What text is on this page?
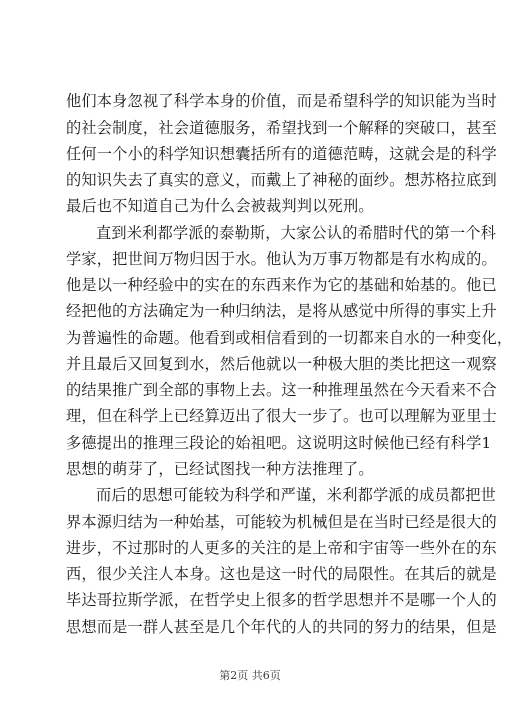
他们本身忽视了科学本身的价值，而是希望科学的知识能为当时
的社会制度，社会道德服务，希望找到一个解释的突破口，甚至
任何一个小的科学知识想囊括所有的道德范畴，这就会是的科学
的知识失去了真实的意义，而戴上了神秘的面纱。想苏格拉底到
最后也不知道自己为什么会被裁判判以死刑。
直到米利都学派的泰勒斯，大家公认的希腊时代的第一个科
学家，把世间万物归因于水。他认为万事万物都是有水构成的。
他是以一种经验中的实在的东西来作为它的基础和始基的。他已
经把他的方法确定为一种归纳法，是将从感觉中所得的事实上升
为普遍性的命题。他看到或相信看到的一切都来自水的一种变化，
并且最后又回复到水，然后他就以一种极大胆的类比把这一观察
的结果推广到全部的事物上去。这一种推理虽然在今天看来不合
理，但在科学上已经算迈出了很大一步了。也可以理解为亚里士
多德提出的推理三段论的始祖吧。这说明这时候他已经有科学1
思想的萌芽了，已经试图找一种方法推理了。
而后的思想可能较为科学和严谨，米利都学派的成员都把世
界本源归结为一种始基，可能较为机械但是在当时已经是很大的
进步，不过那时的人更多的关注的是上帝和宇宙等一些外在的东
西，很少关注人本身。这也是这一时代的局限性。在其后的就是
毕达哥拉斯学派，在哲学史上很多的哲学思想并不是哪一个人的
思想而是一群人甚至是几个年代的人的共同的努力的结果，但是
第2页 共6页
